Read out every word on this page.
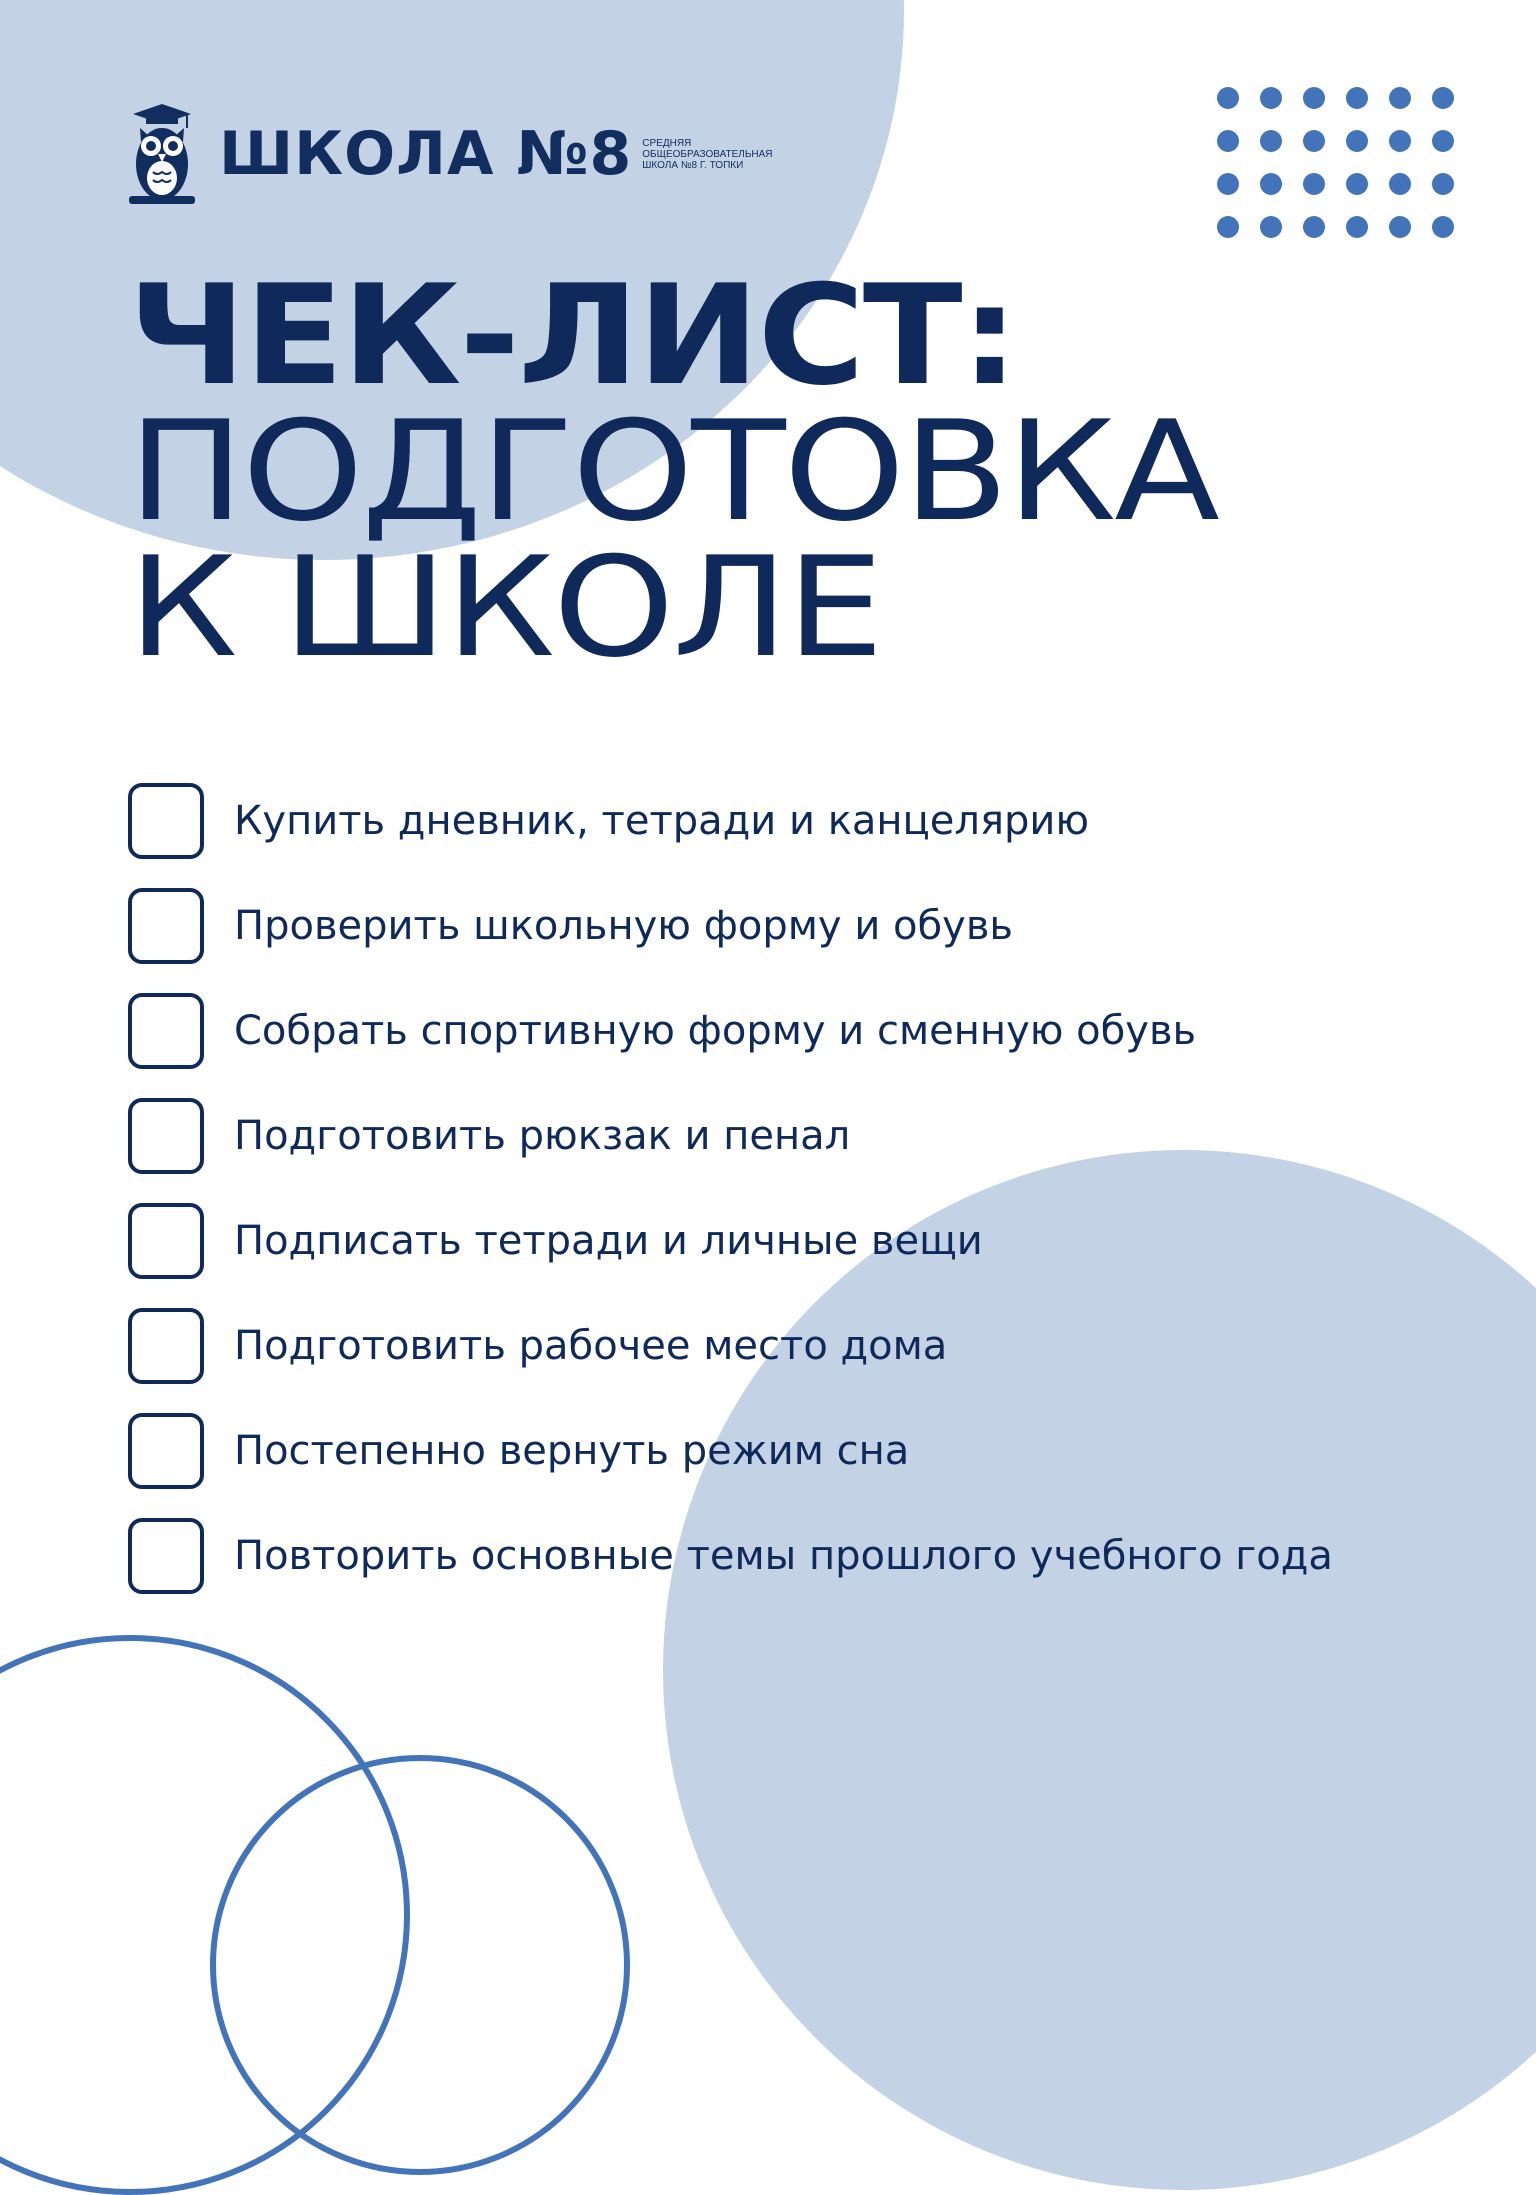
ШКОЛА №8 СРЕДНЯЯ
ОБЩЕОБРАЗОВАТЕЛЬНАЯ
ШКОЛА №8 Г. ТОПКИ
ЧЕК-ЛИСТ:
ПОДГОТОВКА
К ШКОЛЕ
Купить дневник, тетради и канцелярию
Проверить школьную форму и обувь
Собрать спортивную форму и сменную обувь
Подготовить рюкзак и пенал
Подписать тетради и личные вещи
Подготовить рабочее место дома
Постепенно вернуть режим сна
Повторить основные темы прошлого учебного года
